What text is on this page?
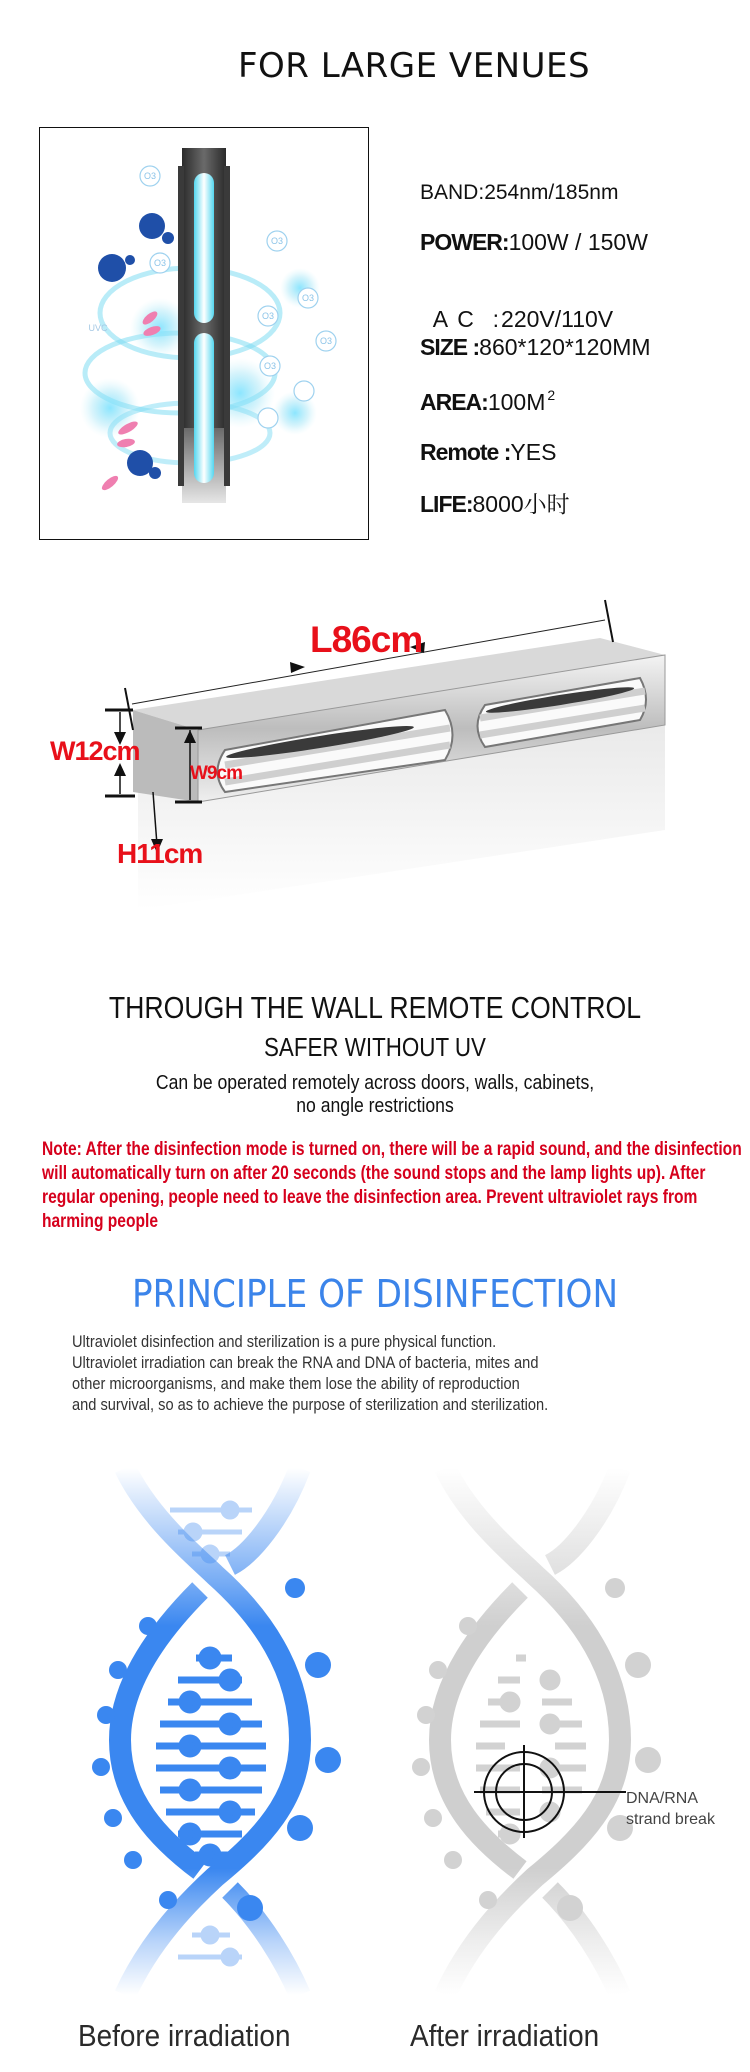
FOR LARGE VENUES
O3
O3
O3
O3
O3
O3
O3
UVC
BAND:254nm/185nm
POWER:100W / 150W

A C  :220V/110V

SIZE :860*120*120MM
AREA:100M $^2$
Remote :YES
LIFE:8000小时
L86cm
W12cm
W9cm
H11cm
THROUGH THE WALL REMOTE CONTROL
SAFER WITHOUT UV
Can be operated remotely across doors, walls, cabinets,
no angle restrictions
Note: After the disinfection mode is turned on, there will be a rapid sound, and the disinfection will automatically turn on after 20 seconds (the sound stops and the lamp lights up). After regular opening, people need to leave the disinfection area. Prevent ultraviolet rays from harming people
PRINCIPLE OF DISINFECTION
Ultraviolet disinfection and sterilization is a pure physical function.
Ultraviolet irradiation can break the RNA and DNA of bacteria, mites and
other microorganisms, and make them lose the ability of reproduction
and survival, so as to achieve the purpose of sterilization and sterilization.
DNA/RNA
strand break
Before irradiation	After irradiation
